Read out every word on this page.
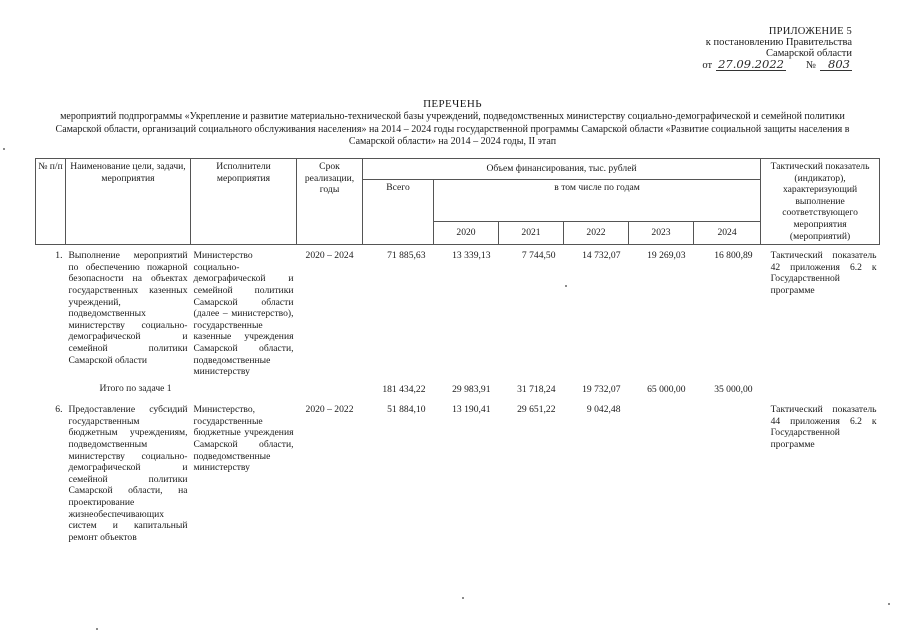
ПРИЛОЖЕНИЕ 5
к постановлению Правительства
Самарской области
от 27.09.2022 №	803
ПЕРЕЧЕНЬ
мероприятий подпрограммы «Укрепление и развитие материально-технической базы учреждений, подведомственных министерству социально-демографической и семейной политики Самарской области, организаций социального обслуживания населения» на 2014 – 2024 годы государственной программы Самарской области «Развитие социальной защиты населения в Самарской области» на 2014 – 2024 годы, II этап
№ п/п	Наименование цели, задачи, мероприятия	Исполнители мероприятия	Срок реализации, годы	Объем финансирования, тыс. рублей						Тактический показатель (индикатор), характеризующий выполнение соответствующего мероприятия (мероприятий)
				Всего	в том числе по годам					
					2020	2021	2022	2023	2024	
1.	Выполнение мероприятий по обеспечению пожарной безопасности на объектах государственных казенных учреждений, подведомственных министерству социально-демографической и семейной политики Самарской области	Министерство социально-демографической и семейной политики Самарской области (далее – министерство), государственные казенные учреждения Самарской области, подведомственные министерству	2020 – 2024	71 885,63	13 339,13	7 744,50	14 732,07	19 269,03	16 800,89	Тактический показатель 42 приложения 6.2 к Государственной программе
	Итого по задаче 1			181 434,22	29 983,91	31 718,24	19 732,07	65 000,00	35 000,00	
6.	Предоставление субсидий государственным бюджетным учреждениям, подведомственным министерству социально-демографической и семейной политики Самарской области, на проектирование жизнеобеспечивающих систем и капитальный ремонт объектов	Министерство, государственные бюджетные учреждения Самарской области, подведомственные министерству	2020 – 2022	51 884,10	13 190,41	29 651,22	9 042,48			Тактический показатель 44 приложения 6.2 к Государственной программе
